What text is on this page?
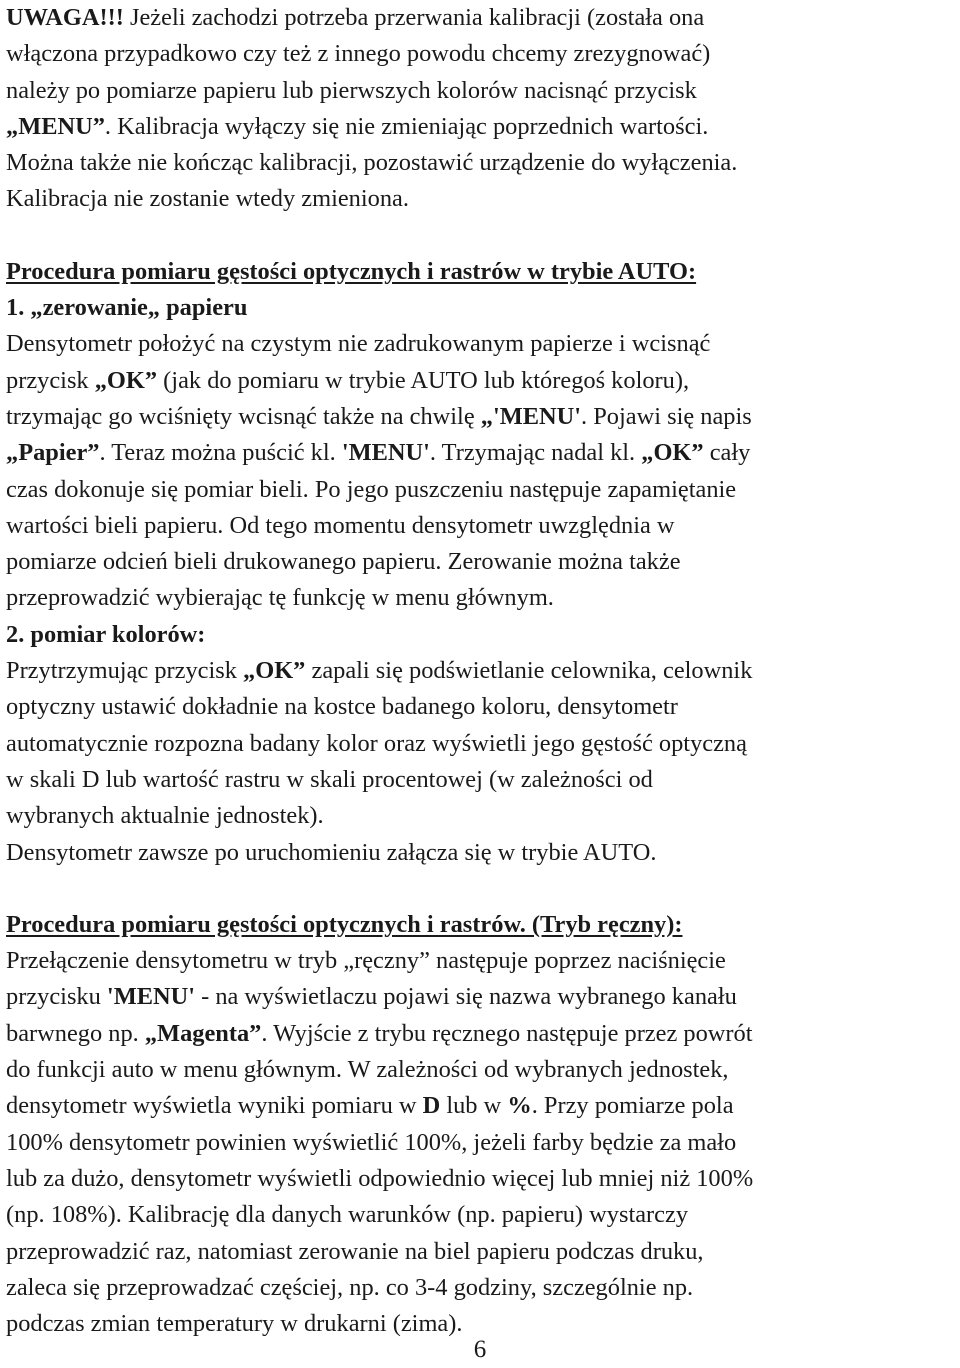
UWAGA!!! Jeżeli zachodzi potrzeba przerwania kalibracji (została ona

włączona przypadkowo czy też z innego powodu chcemy zrezygnować)

należy po pomiarze papieru lub pierwszych kolorów nacisnąć przycisk

„MENU”. Kalibracja wyłączy się nie zmieniając poprzednich wartości.

Można także nie kończąc kalibracji, pozostawić urządzenie do wyłączenia.

Kalibracja nie zostanie wtedy zmieniona.

Procedura pomiaru gęstości optycznych i rastrów w trybie AUTO:

1. „zerowanie„ papieru

Densytometr położyć na czystym nie zadrukowanym papierze i wcisnąć

przycisk „OK” (jak do pomiaru w trybie AUTO lub któregoś koloru),

trzymając go wciśnięty wcisnąć także na chwilę „'MENU'. Pojawi się napis

„Papier”. Teraz można puścić kl. 'MENU'. Trzymając nadal kl. „OK” cały

czas dokonuje się pomiar bieli. Po jego puszczeniu następuje zapamiętanie

wartości bieli papieru. Od tego momentu densytometr uwzględnia w

pomiarze odcień bieli drukowanego papieru. Zerowanie można także

przeprowadzić wybierając tę funkcję w menu głównym.

2. pomiar kolorów:

Przytrzymując przycisk „OK” zapali się podświetlanie celownika, celownik

optyczny ustawić dokładnie na kostce badanego koloru, densytometr

automatycznie rozpozna badany kolor oraz wyświetli jego gęstość optyczną

w skali D lub wartość rastru w skali procentowej (w zależności od

wybranych aktualnie jednostek).

Densytometr zawsze po uruchomieniu załącza się w trybie AUTO.

Procedura pomiaru gęstości optycznych i rastrów. (Tryb ręczny):

Przełączenie densytometru w tryb „ręczny” następuje poprzez naciśnięcie

przycisku 'MENU' - na wyświetlaczu pojawi się nazwa wybranego kanału

barwnego np. „Magenta”. Wyjście z trybu ręcznego następuje przez powrót

do funkcji auto w menu głównym. W zależności od wybranych jednostek,

densytometr wyświetla wyniki pomiaru w D lub w %. Przy pomiarze pola

100% densytometr powinien wyświetlić 100%, jeżeli farby będzie za mało

lub za dużo, densytometr wyświetli odpowiednio więcej lub mniej niż 100%

(np. 108%). Kalibrację dla danych warunków (np. papieru) wystarczy

przeprowadzić raz, natomiast zerowanie na biel papieru podczas druku,

zaleca się przeprowadzać częściej, np. co 3-4 godziny, szczególnie np.

podczas zmian temperatury w drukarni (zima).

6
